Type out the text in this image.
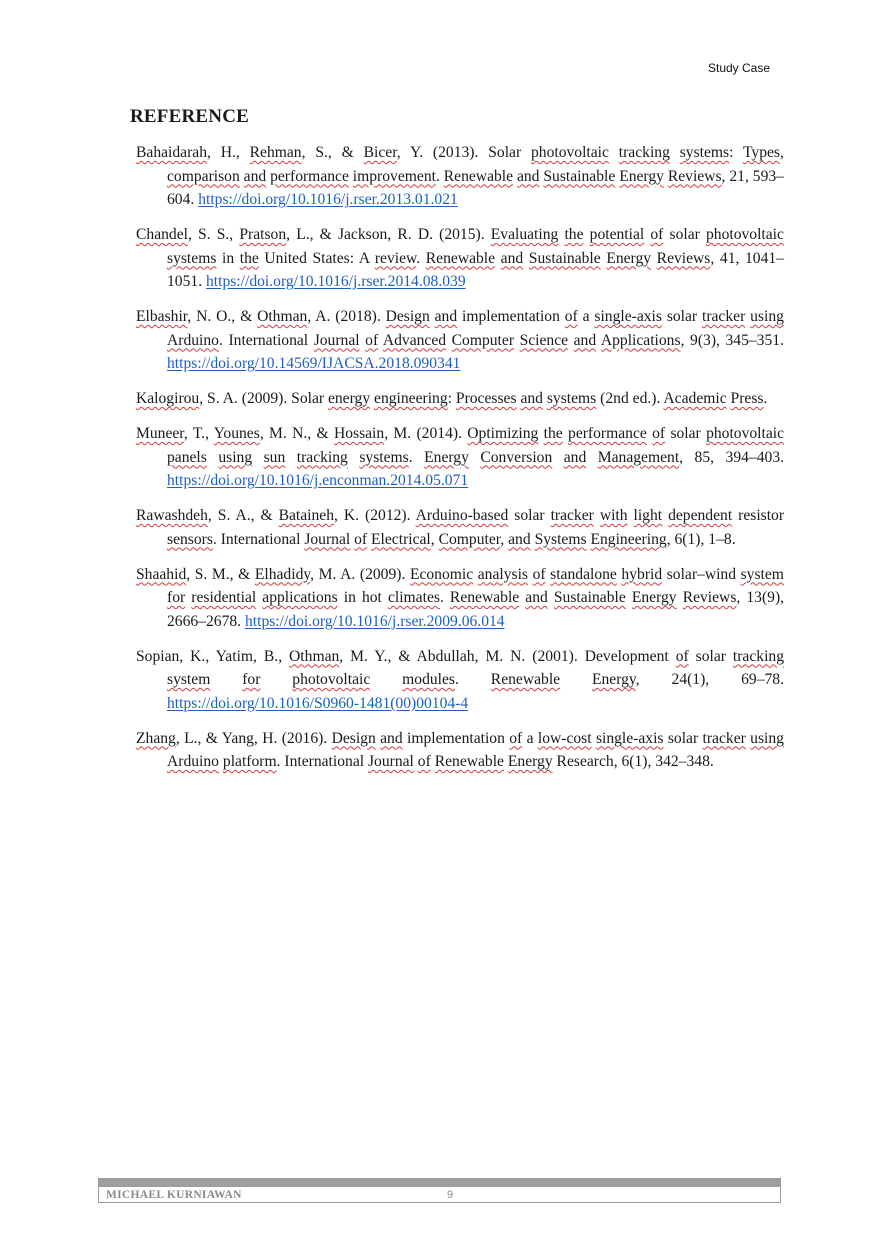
Study Case
REFERENCE
Bahaidarah, H., Rehman, S., & Bicer, Y. (2013). Solar photovoltaic tracking systems: Types, comparison and performance improvement. Renewable and Sustainable Energy Reviews, 21, 593–604. https://doi.org/10.1016/j.rser.2013.01.021
Chandel, S. S., Pratson, L., & Jackson, R. D. (2015). Evaluating the potential of solar photovoltaic systems in the United States: A review. Renewable and Sustainable Energy Reviews, 41, 1041–1051. https://doi.org/10.1016/j.rser.2014.08.039
Elbashir, N. O., & Othman, A. (2018). Design and implementation of a single-axis solar tracker using Arduino. International Journal of Advanced Computer Science and Applications, 9(3), 345–351. https://doi.org/10.14569/IJACSA.2018.090341
Kalogirou, S. A. (2009). Solar energy engineering: Processes and systems (2nd ed.). Academic Press.
Muneer, T., Younes, M. N., & Hossain, M. (2014). Optimizing the performance of solar photovoltaic panels using sun tracking systems. Energy Conversion and Management, 85, 394–403. https://doi.org/10.1016/j.enconman.2014.05.071
Rawashdeh, S. A., & Bataineh, K. (2012). Arduino-based solar tracker with light dependent resistor sensors. International Journal of Electrical, Computer, and Systems Engineering, 6(1), 1–8.
Shaahid, S. M., & Elhadidy, M. A. (2009). Economic analysis of standalone hybrid solar–wind system for residential applications in hot climates. Renewable and Sustainable Energy Reviews, 13(9), 2666–2678. https://doi.org/10.1016/j.rser.2009.06.014
Sopian, K., Yatim, B., Othman, M. Y., & Abdullah, M. N. (2001). Development of solar tracking system for photovoltaic modules. Renewable Energy, 24(1), 69–78. https://doi.org/10.1016/S0960-1481(00)00104-4
Zhang, L., & Yang, H. (2016). Design and implementation of a low-cost single-axis solar tracker using Arduino platform. International Journal of Renewable Energy Research, 6(1), 342–348.
MICHAEL KURNIAWAN	9
